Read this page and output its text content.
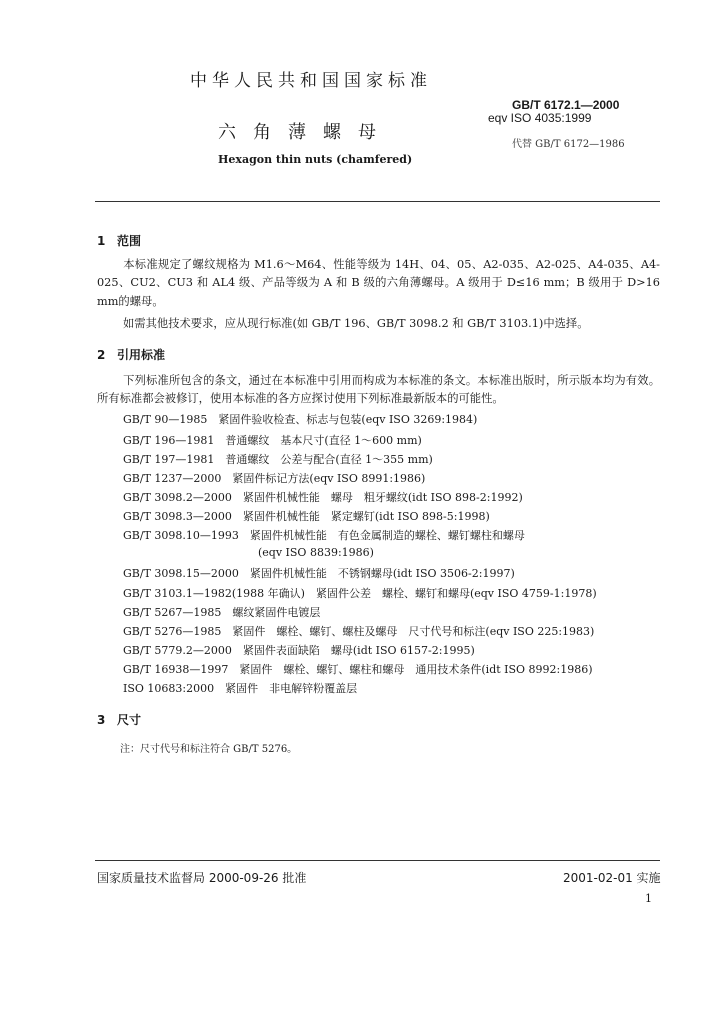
中华人民共和国国家标准
GB/T 6172.1—2000
eqv ISO 4035:1999
代替 GB/T 6172—1986
六角薄螺母
Hexagon thin nuts (chamfered)
1 范围
本标准规定了螺纹规格为 M1.6～M64、性能等级为 14H、04、05、A2-035、A2-025、A4-035、A4-025、CU2、CU3 和 AL4 级、产品等级为 A 和 B 级的六角薄螺母。A 级用于 D≤16 mm；B 级用于 D>16 mm的螺母。
如需其他技术要求，应从现行标准(如 GB/T 196、GB/T 3098.2 和 GB/T 3103.1)中选择。
2 引用标准
下列标准所包含的条文，通过在本标准中引用而构成为本标准的条文。本标准出版时，所示版本均为有效。所有标准都会被修订，使用本标准的各方应探讨使用下列标准最新版本的可能性。
GB/T 90—1985　紧固件验收检查、标志与包装(eqv ISO 3269:1984)
GB/T 196—1981　普通螺纹　基本尺寸(直径 1～600 mm)
GB/T 197—1981　普通螺纹　公差与配合(直径 1～355 mm)
GB/T 1237—2000　紧固件标记方法(eqv ISO 8991:1986)
GB/T 3098.2—2000　紧固件机械性能　螺母　粗牙螺纹(idt ISO 898-2:1992)
GB/T 3098.3—2000　紧固件机械性能　紧定螺钉(idt ISO 898-5:1998)
GB/T 3098.10—1993　紧固件机械性能　有色金属制造的螺栓、螺钉螺柱和螺母
(eqv ISO 8839:1986)
GB/T 3098.15—2000　紧固件机械性能　不锈钢螺母(idt ISO 3506-2:1997)
GB/T 3103.1—1982(1988 年确认)　紧固件公差　螺栓、螺钉和螺母(eqv ISO 4759-1:1978)
GB/T 5267—1985　螺纹紧固件电镀层
GB/T 5276—1985　紧固件　螺栓、螺钉、螺柱及螺母　尺寸代号和标注(eqv ISO 225:1983)
GB/T 5779.2—2000　紧固件表面缺陷　螺母(idt ISO 6157-2:1995)
GB/T 16938—1997　紧固件　螺栓、螺钉、螺柱和螺母　通用技术条件(idt ISO 8992:1986)
ISO 10683:2000　紧固件　非电解锌粉覆盖层
3 尺寸
注：尺寸代号和标注符合 GB/T 5276。
国家质量技术监督局 2000-09-26 批准	2001-02-01 实施
1
